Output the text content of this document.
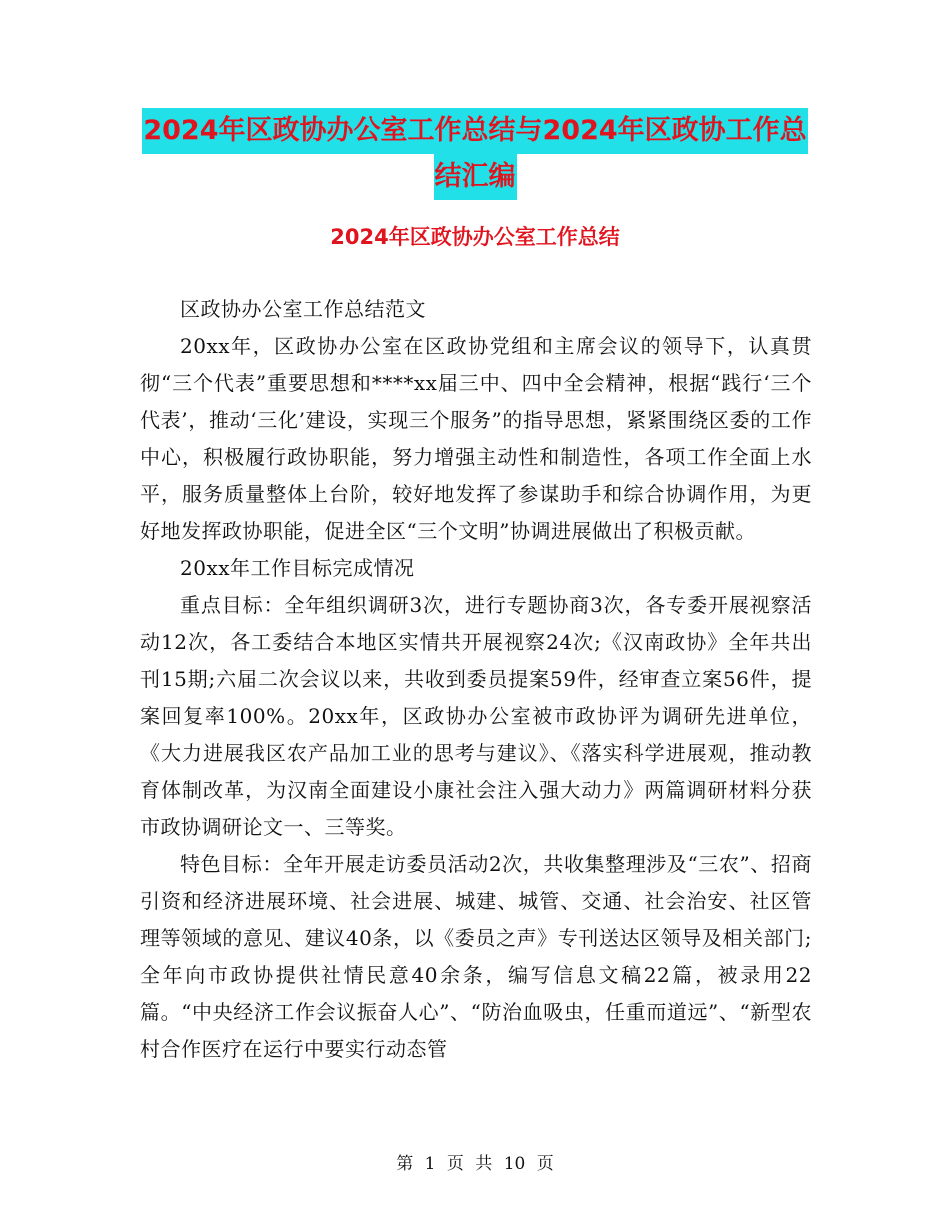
2024年区政协办公室工作总结与2024年区政协工作总
结汇编
2024年区政协办公室工作总结

区政协办公室工作总结范文

20xx年，区政协办公室在区政协党组和主席会议的领导下，认真贯彻“三个代表”重要思想和****xx届三中、四中全会精神，根据“践行‘三个代表’，推动‘三化’建设，实现三个服务”的指导思想，紧紧围绕区委的工作中心，积极履行政协职能，努力增强主动性和制造性，各项工作全面上水平，服务质量整体上台阶，较好地发挥了参谋助手和综合协调作用，为更好地发挥政协职能，促进全区“三个文明”协调进展做出了积极贡献。

20xx年工作目标完成情况

重点目标：全年组织调研3次，进行专题协商3次，各专委开展视察活动12次，各工委结合本地区实情共开展视察24次;《汉南政协》全年共出刊15期;六届二次会议以来，共收到委员提案59件，经审查立案56件，提案回复率100%。20xx年，区政协办公室被市政协评为调研先进单位，《大力进展我区农产品加工业的思考与建议》、《落实科学进展观，推动教育体制改革，为汉南全面建设小康社会注入强大动力》两篇调研材料分获市政协调研论文一、三等奖。

特色目标：全年开展走访委员活动2次，共收集整理涉及“三农”、招商引资和经济进展环境、社会进展、城建、城管、交通、社会治安、社区管理等领域的意见、建议40条，以《委员之声》专刊送达区领导及相关部门;全年向市政协提供社情民意40余条，编写信息文稿22篇，被录用22篇。“中央经济工作会议振奋人心”、“防治血吸虫，任重而道远”、“新型农村合作医疗在运行中要实行动态管

第 1 页 共 10 页
